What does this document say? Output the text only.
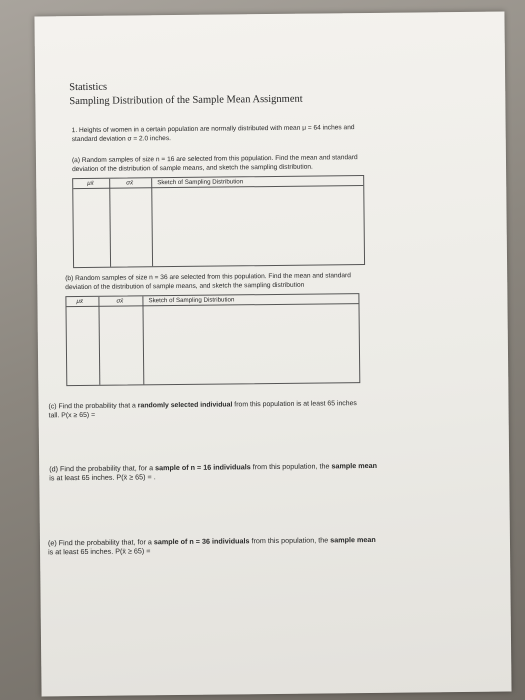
Statistics
Sampling Distribution of the Sample Mean Assignment
1. Heights of women in a certain population are normally distributed with mean μ = 64 inches and
standard deviation σ = 2.0 inches.
(a) Random samples of size n = 16 are selected from this population. Find the mean and standard
deviation of the distribution of sample means, and sketch the sampling distribution.
μx̄	σx̄	Sketch of Sampling Distribution
(b) Random samples of size n = 36 are selected from this population. Find the mean and standard
deviation of the distribution of sample means, and sketch the sampling distribution
μx̄	σx̄	Sketch of Sampling Distribution
(c) Find the probability that a randomly selected individual from this population is at least 65 inches
tall. P(x ≥ 65) =
(d) Find the probability that, for a sample of n = 16 individuals from this population, the sample mean
is at least 65 inches. P(x̄ ≥ 65) = .
(e) Find the probability that, for a sample of n = 36 individuals from this population, the sample mean
is at least 65 inches. P(x̄ ≥ 65) =
